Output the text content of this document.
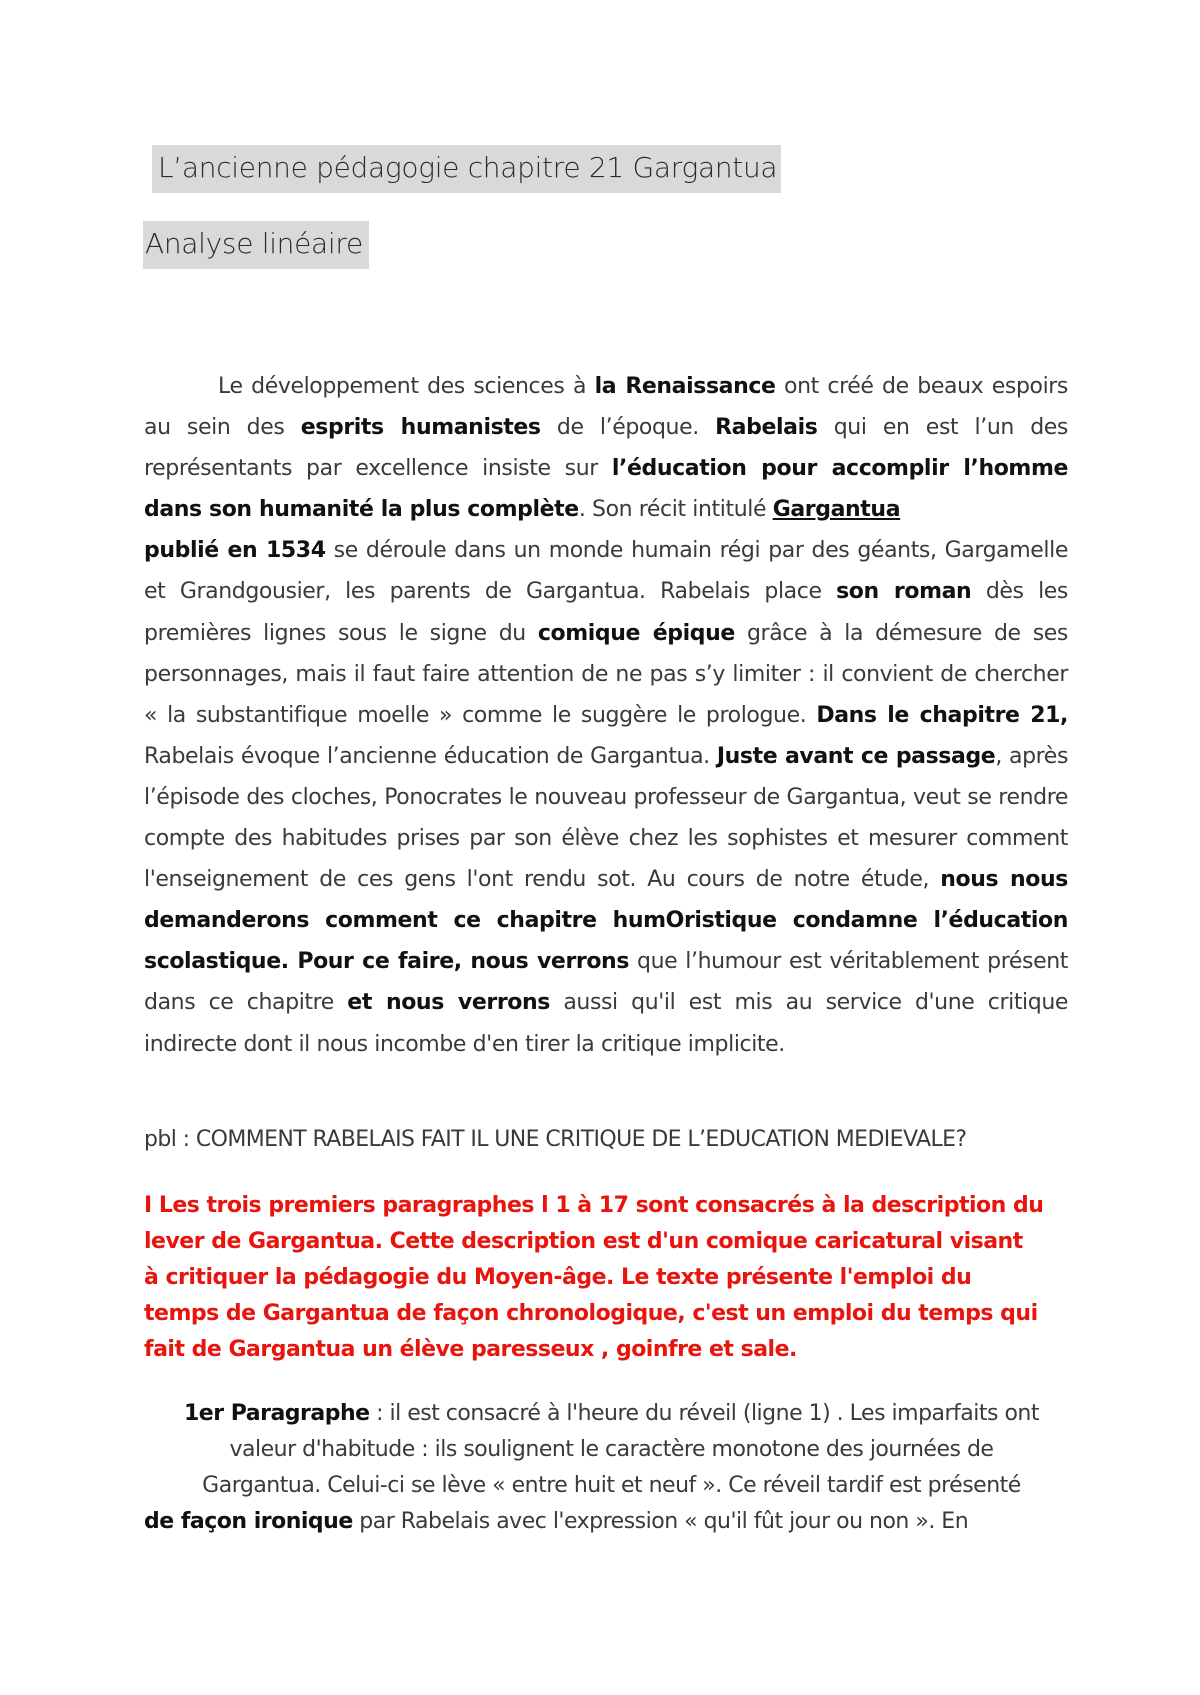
L’ancienne pédagogie chapitre 21 Gargantua
Analyse linéaire
Le développement des sciences à la Renaissance ont créé de beaux espoirs au sein des esprits humanistes de l’époque. Rabelais qui en est l’un des représentants par excellence insiste sur l’éducation pour accomplir l’homme dans son humanité la plus complète. Son récit intitulé Gargantua
publié en 1534 se déroule dans un monde humain régi par des géants, Gargamelle et Grandgousier, les parents de Gargantua. Rabelais place son roman dès les premières lignes sous le signe du comique épique grâce à la démesure de ses personnages, mais il faut faire attention de ne pas s’y limiter : il convient de chercher « la substantifique moelle » comme le suggère le prologue. Dans le chapitre 21, Rabelais évoque l’ancienne éducation de Gargantua. Juste avant ce passage, après l’épisode des cloches, Ponocrates le nouveau professeur de Gargantua, veut se rendre compte des habitudes prises par son élève chez les sophistes et mesurer comment l'enseignement de ces gens l'ont rendu sot. Au cours de notre étude, nous nous demanderons comment ce chapitre humOristique condamne l’éducation scolastique. Pour ce faire, nous verrons que l’humour est véritablement présent dans ce chapitre et nous verrons aussi qu'il est mis au service d'une critique indirecte dont il nous incombe d'en tirer la critique implicite.
pbl : COMMENT RABELAIS FAIT IL UNE CRITIQUE DE L’EDUCATION MEDIEVALE?
I Les trois premiers paragraphes l 1 à 17 sont consacrés à la description du lever de Gargantua. Cette description est d'un comique caricatural visant à critiquer la pédagogie du Moyen-âge. Le texte présente l'emploi du temps de Gargantua de façon chronologique, c'est un emploi du temps qui fait de Gargantua un élève paresseux , goinfre et sale.
1er Paragraphe : il est consacré à l'heure du réveil (ligne 1) . Les imparfaits ont
valeur d'habitude : ils soulignent le caractère monotone des journées de
Gargantua. Celui-ci se lève « entre huit et neuf ». Ce réveil tardif est présenté
de façon ironique par Rabelais avec l'expression « qu'il fût jour ou non ». En
